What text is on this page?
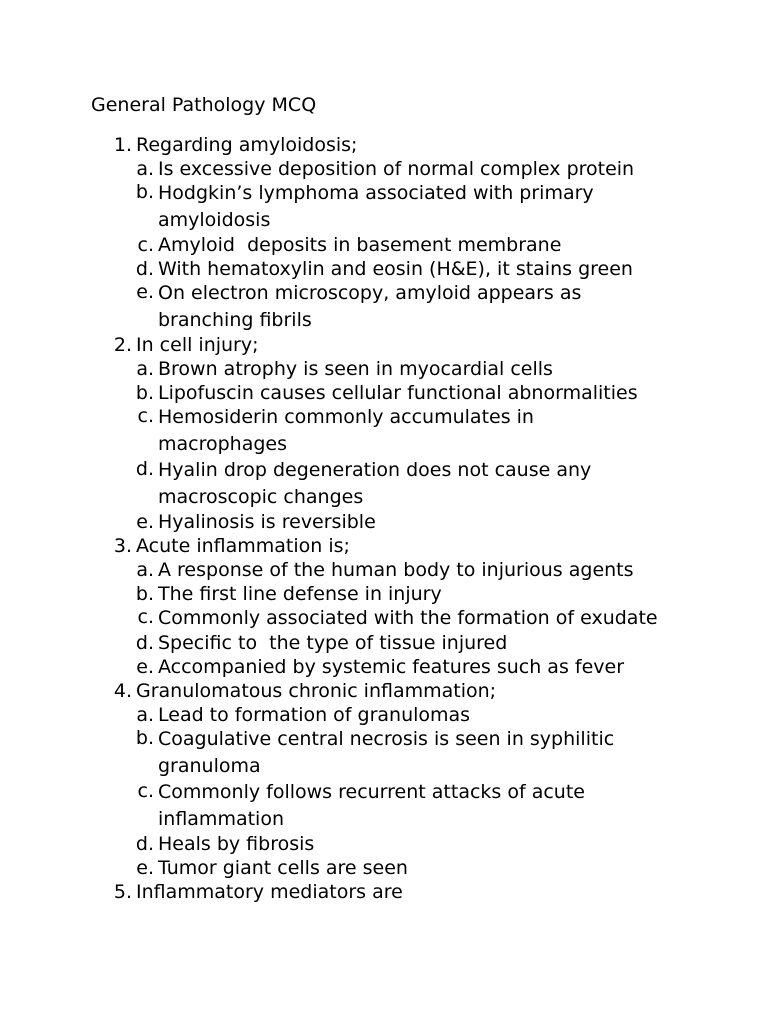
General Pathology MCQ
1. Regarding amyloidosis;
a. Is excessive deposition of normal complex protein
b. Hodgkin’s lymphoma associated with primary amyloidosis
c. Amyloid  deposits in basement membrane
d. With hematoxylin and eosin (H&E), it stains green
e. On electron microscopy, amyloid appears as branching fibrils
2. In cell injury;
a. Brown atrophy is seen in myocardial cells
b. Lipofuscin causes cellular functional abnormalities
c. Hemosiderin commonly accumulates in macrophages
d. Hyalin drop degeneration does not cause any macroscopic changes
e. Hyalinosis is reversible
3. Acute inflammation is;
a. A response of the human body to injurious agents
b. The first line defense in injury
c. Commonly associated with the formation of exudate
d. Specific to  the type of tissue injured
e. Accompanied by systemic features such as fever
4. Granulomatous chronic inflammation;
a. Lead to formation of granulomas
b. Coagulative central necrosis is seen in syphilitic granuloma
c. Commonly follows recurrent attacks of acute inflammation
d. Heals by fibrosis
e. Tumor giant cells are seen
5. Inflammatory mediators are
